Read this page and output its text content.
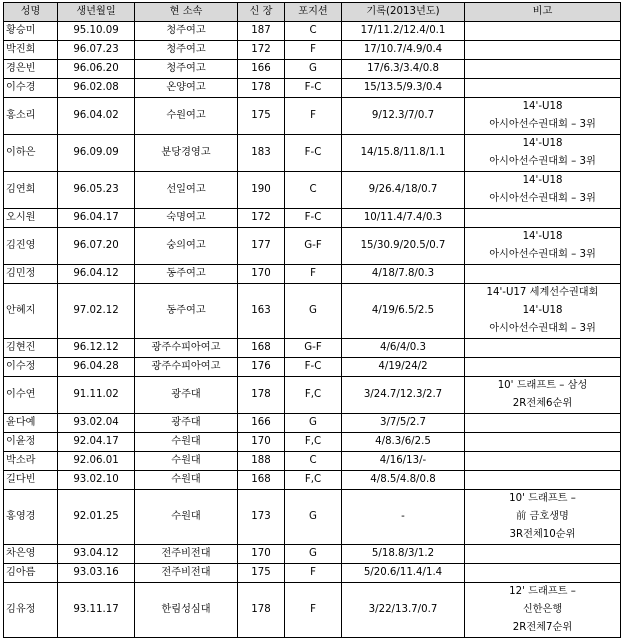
성명	생년월일	현 소속	신 장	포지션	기록(2013년도)	비고
황승미	95.10.09	청주여고	187	C	17/11.2/12.4/0.1	
박진희	96.07.23	청주여고	172	F	17/10.7/4.9/0.4	
경은빈	96.06.20	청주여고	166	G	17/6.3/3.4/0.8	
이수경	96.02.08	온양여고	178	F-C	15/13.5/9.3/0.4	
홍소리	96.04.02	수원여고	175	F	9/12.3/7/0.7	14'-U18
아시아선수권대회 – 3위
이하은	96.09.09	분당경영고	183	F-C	14/15.8/11.8/1.1	14'-U18
아시아선수권대회 – 3위
김연희	96.05.23	선일여고	190	C	9/26.4/18/0.7	14'-U18
아시아선수권대회 – 3위
오시원	96.04.17	숙명여고	172	F-C	10/11.4/7.4/0.3	
김진영	96.07.20	숭의여고	177	G-F	15/30.9/20.5/0.7	14'-U18
아시아선수권대회 – 3위
김민정	96.04.12	동주여고	170	F	4/18/7.8/0.3	
안혜지	97.02.12	동주여고	163	G	4/19/6.5/2.5	14'-U17 세계선수권대회
14'-U18
아시아선수권대회 – 3위
김현진	96.12.12	광주수피아여고	168	G-F	4/6/4/0.3	
이수정	96.04.28	광주수피아여고	176	F-C	4/19/24/2	
이수연	91.11.02	광주대	178	F,C	3/24.7/12.3/2.7	10' 드래프트 – 삼성
2R전체6순위
윤다예	93.02.04	광주대	166	G	3/7/5/2.7	
이윤정	92.04.17	수원대	170	F,C	4/8.3/6/2.5	
박소라	92.06.01	수원대	188	C	4/16/13/-	
길다빈	93.02.10	수원대	168	F,C	4/8.5/4.8/0.8	
홍영경	92.01.25	수원대	173	G	-	10' 드래프트 –
前 금호생명
3R전체10순위
차은영	93.04.12	전주비전대	170	G	5/18.8/3/1.2	
김아름	93.03.16	전주비전대	175	F	5/20.6/11.4/1.4	
김유정	93.11.17	한림성심대	178	F	3/22/13.7/0.7	12' 드래프트 –
신한은행
2R전체7순위
